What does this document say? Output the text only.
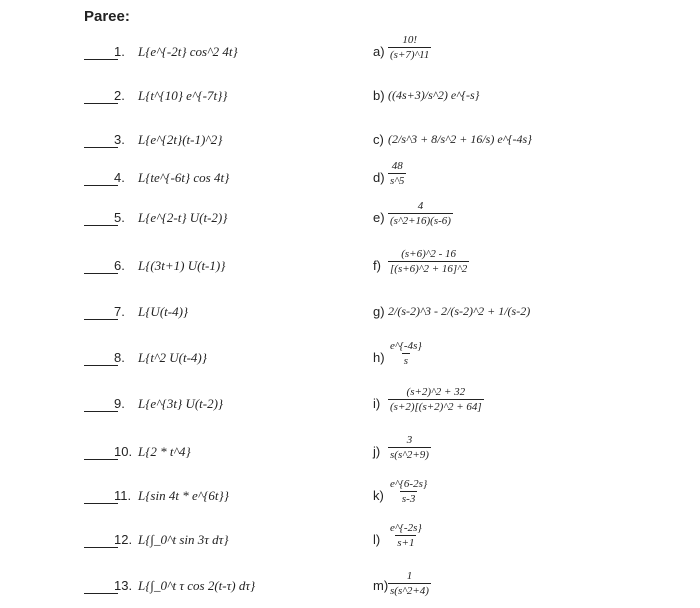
Paree:
1. L{e^{-2t} cos^2 4t}	$a) \frac{10!}{(s+7)\^{}11}$
2. L{t^{10} e^{-7t}}	b) ((4s+3)/s^2) e^{-s}
3. L{e^{2t}(t-1)^2}	c) (2/s^3 + 8/s^2 + 16/s) e^{-4s}
4. L{te^{-6t} cos 4t}	$d) \frac{48}{s\^{}5}$
5. L{e^{2-t} U(t-2)}	$e) \frac{4}{(s\^{}2+16)(s-6)}$
6. L{(3t+1) U(t-1)}	$f) \frac{(s+6)\^{}2 - 16}{[(s+6)\^{}2 + 16]\^{}2}$
7. L{U(t-4)}	g) 2/(s-2)^3 - 2/(s-2)^2 + 1/(s-2)
8. L{t^2 U(t-4)}	$h) \frac{e\^{}\{-4s\}}{s}$
9. L{e^{3t} U(t-2)}	$i) \frac{(s+2)\^{}2 + 32}{(s+2)[(s+2)\^{}2 + 64]}$
10. L{2 * t^4}	$j) \frac{3}{s(s\^{}2+9)}$
11. L{sin 4t * e^{6t}}	$k) \frac{e\^{}\{6-2s\}}{s-3}$
12. L{∫_0^t sin 3τ dτ}	$l) \frac{e\^{}\{-2s\}}{s+1}$
13. L{∫_0^t τ cos 2(t-τ) dτ}	$m) \frac{1}{s(s\^{}2+4)}$
